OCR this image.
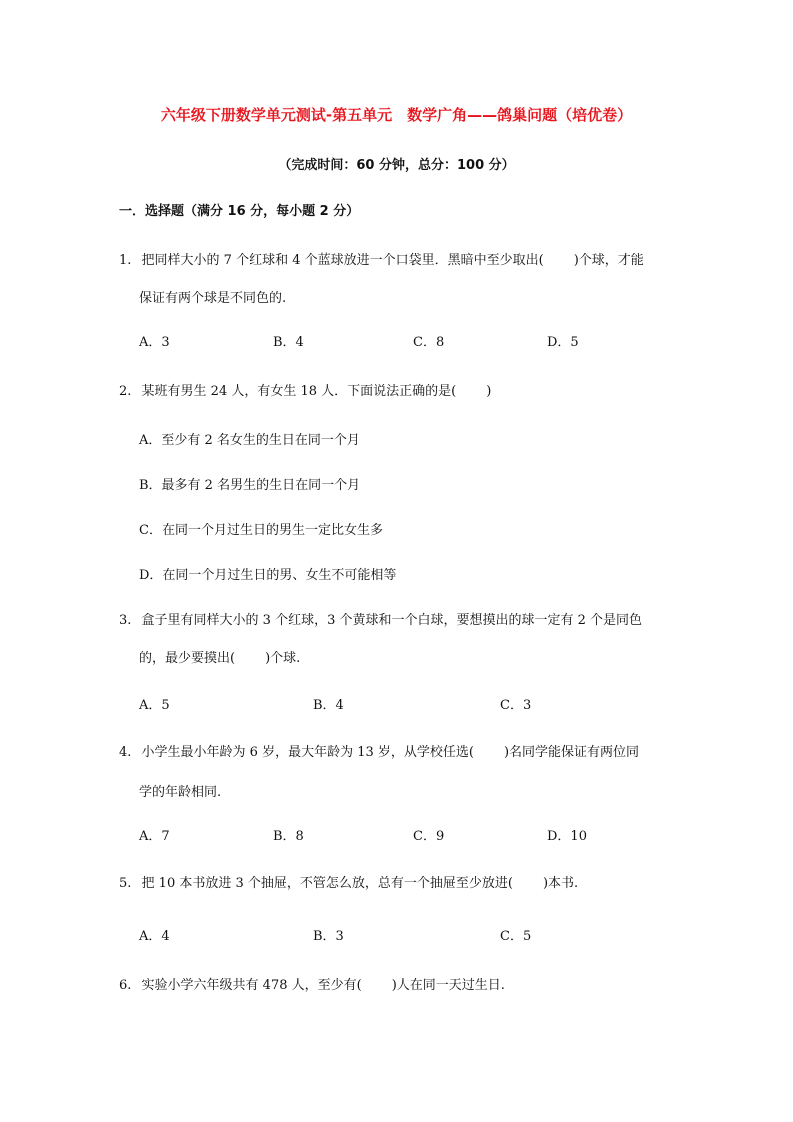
六年级下册数学单元测试-第五单元　数学广角——鸽巢问题（培优卷）
（完成时间：60 分钟，总分：100 分）
一．选择题（满分 16 分，每小题 2 分）
1. 把同样大小的 7 个红球和 4 个蓝球放进一个口袋里．黑暗中至少取出( )个球，才能
保证有两个球是不同色的.
A．3	B．4	C．8	D．5
2. 某班有男生 24 人，有女生 18 人．下面说法正确的是( )
A．至少有 2 名女生的生日在同一个月
B．最多有 2 名男生的生日在同一个月
C．在同一个月过生日的男生一定比女生多
D．在同一个月过生日的男、女生不可能相等
3. 盒子里有同样大小的 3 个红球，3 个黄球和一个白球，要想摸出的球一定有 2 个是同色
的，最少要摸出( )个球.
A．5	B．4	C．3
4. 小学生最小年龄为 6 岁，最大年龄为 13 岁，从学校任选( )名同学能保证有两位同
学的年龄相同.
A．7	B．8	C．9	D．10
5. 把 10 本书放进 3 个抽屉，不管怎么放，总有一个抽屉至少放进( )本书.
A．4	B．3	C．5
6. 实验小学六年级共有 478 人，至少有( )人在同一天过生日.
